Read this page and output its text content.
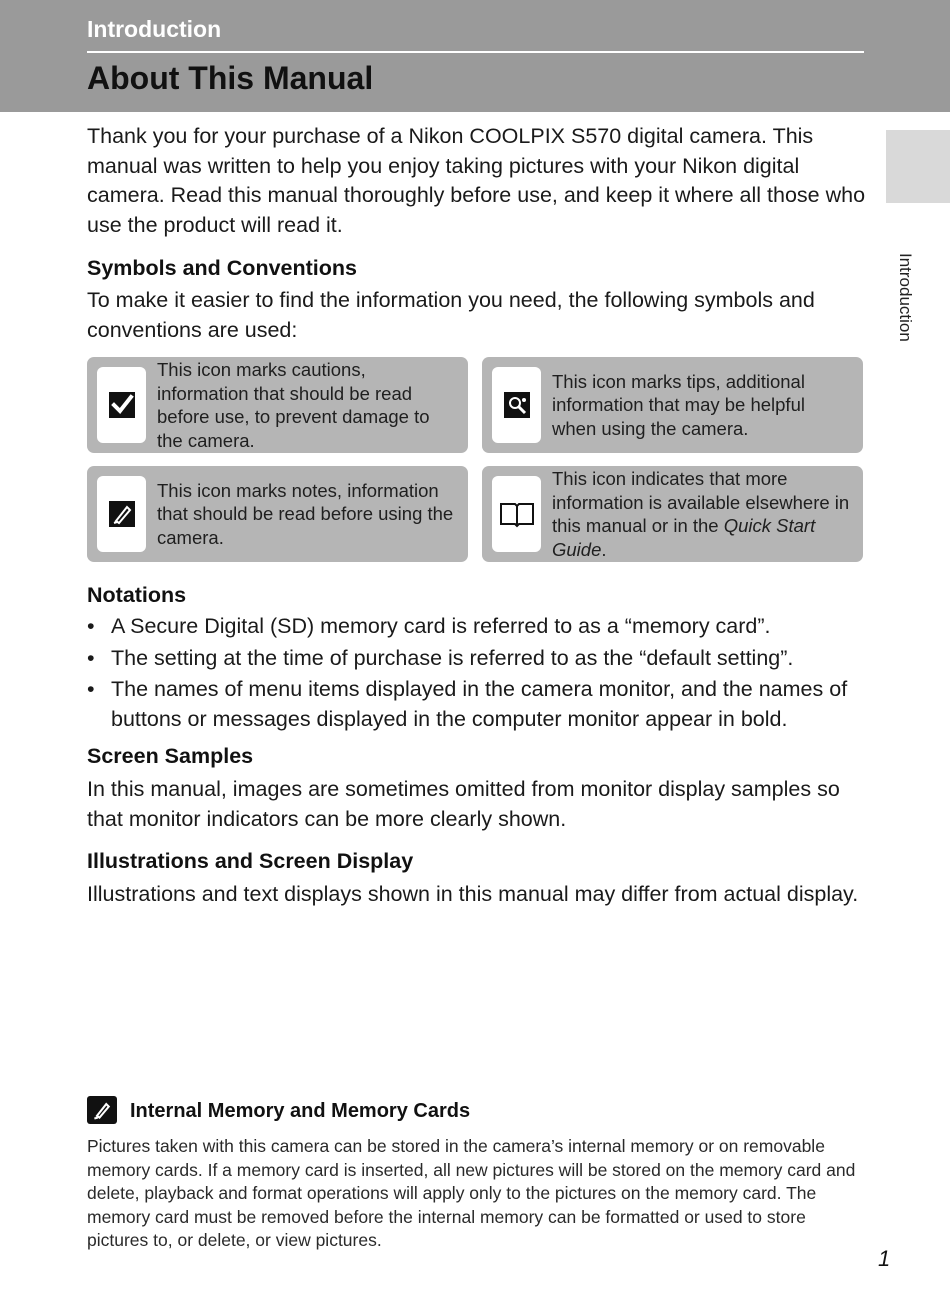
Introduction
About This Manual
Introduction

Thank you for your purchase of a Nikon COOLPIX S570 digital camera. This manual was written to help you enjoy taking pictures with your Nikon digital camera. Read this manual thoroughly before use, and keep it where all those who use the product will read it.

Symbols and Conventions

To make it easier to find the information you need, the following symbols and conventions are used:

This icon marks cautions, information that should be read before use, to prevent damage to the camera.
This icon marks tips, additional information that may be helpful when using the camera.
This icon marks notes, information that should be read before using the camera.
This icon indicates that more information is available elsewhere in this manual or in the Quick Start Guide.
Notations
• A Secure Digital (SD) memory card is referred to as a “memory card”.
• The setting at the time of purchase is referred to as the “default setting”.
• The names of menu items displayed in the camera monitor, and the names of buttons or messages displayed in the computer monitor appear in bold.
Screen Samples

In this manual, images are sometimes omitted from monitor display samples so that monitor indicators can be more clearly shown.

Illustrations and Screen Display

Illustrations and text displays shown in this manual may differ from actual display.

Internal Memory and Memory Cards

Pictures taken with this camera can be stored in the camera’s internal memory or on removable memory cards. If a memory card is inserted, all new pictures will be stored on the memory card and delete, playback and format operations will apply only to the pictures on the memory card. The memory card must be removed before the internal memory can be formatted or used to store pictures to, or delete, or view pictures.

1
